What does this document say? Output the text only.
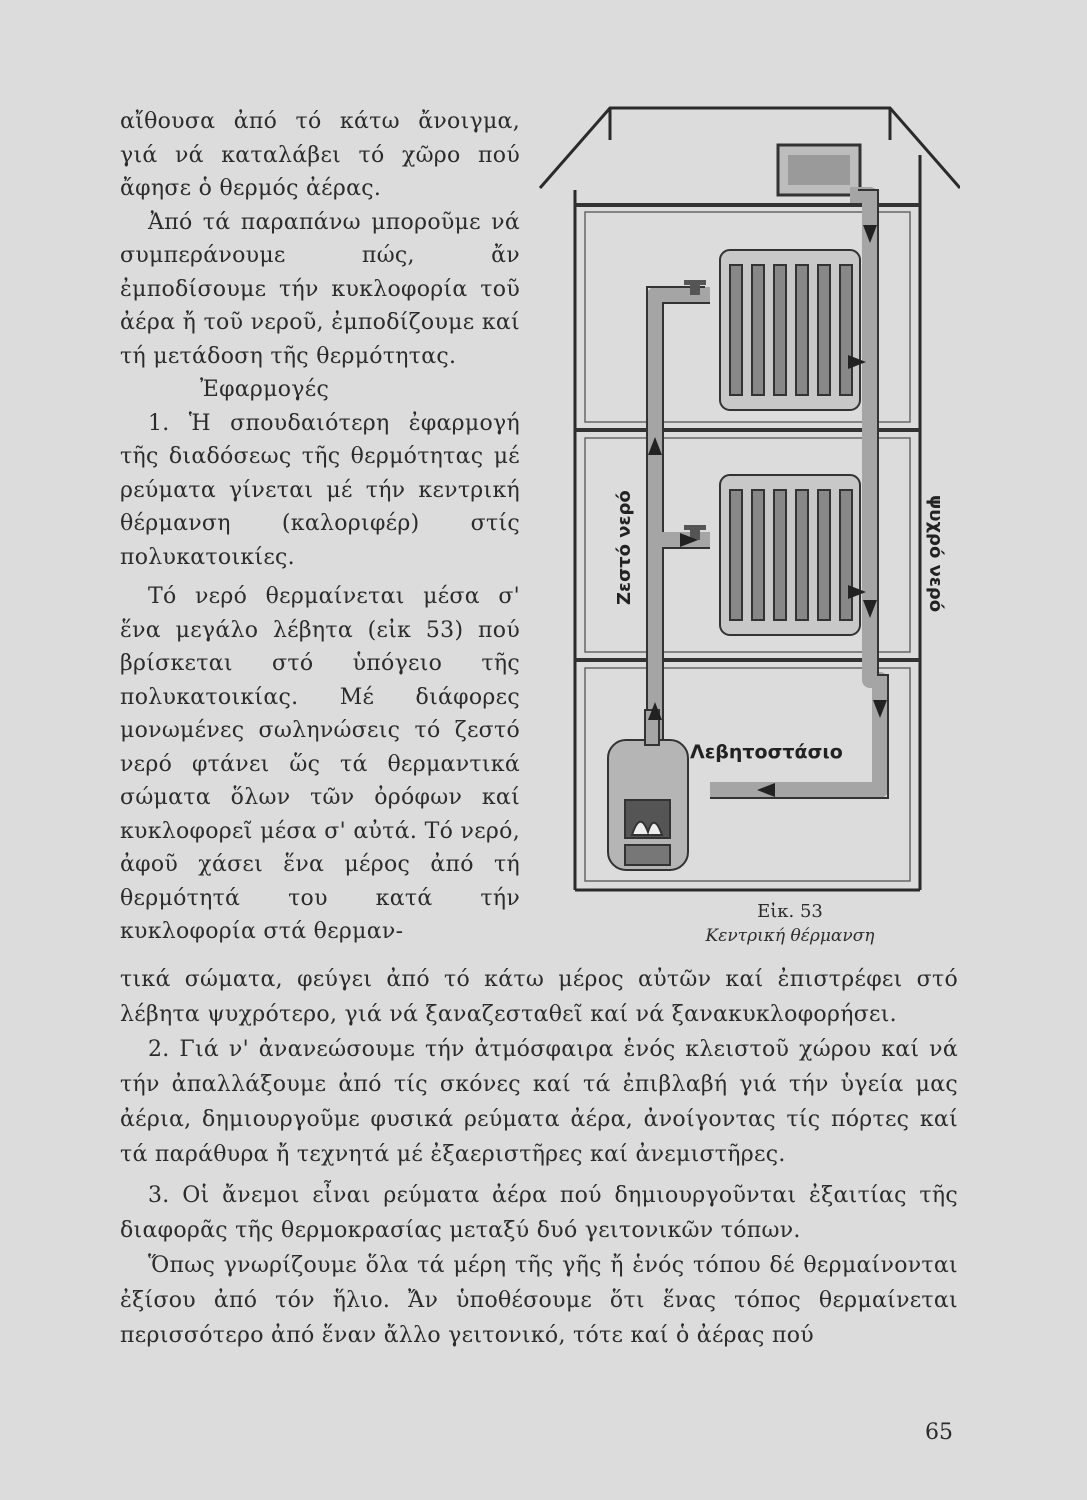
αἴθουσα ἀπό τό κάτω ἄνοιγμα, γιά νά καταλάβει τό χῶρο πού ἄφησε ὁ θερμός ἀέρας.

Ἀπό τά παραπάνω μποροῦμε νά συμπεράνουμε πώς, ἄν ἐμποδίσουμε τήν κυκλοφορία τοῦ ἀέρα ἤ τοῦ νεροῦ, ἐμποδίζουμε καί τή μετάδοση τῆς θερμότητας.

Ἐφαρμογές

1. Ἡ σπουδαιότερη ἐφαρμογή τῆς διαδόσεως τῆς θερμότητας μέ ρεύματα γίνεται μέ τήν κεντρική θέρμανση (καλοριφέρ) στίς πολυκατοικίες.

Τό νερό θερμαίνεται μέσα σ' ἕνα μεγάλο λέβητα (εἰκ 53) πού βρίσκεται στό ὑπόγειο τῆς πολυκατοικίας. Μέ διάφορες μονωμένες σωληνώσεις τό ζεστό νερό φτάνει ὥς τά θερμαντικά σώματα ὅλων τῶν ὀρόφων καί κυκλοφορεῖ μέσα σ' αὐτά. Τό νερό, ἀφοῦ χάσει ἕνα μέρος ἀπό τή θερμότητά του κατά τήν κυκλοφορία στά θερμαν-

Ζεστό νερό	ψυχρό νερό
Λεβητοστάσιο
Εἰκ. 53
Κεντρική θέρμανση

τικά σώματα, φεύγει ἀπό τό κάτω μέρος αὐτῶν καί ἐπιστρέφει στό λέβητα ψυχρότερο, γιά νά ξαναζεσταθεῖ καί νά ξανακυκλοφορήσει.

2. Γιά ν' ἀνανεώσουμε τήν ἀτμόσφαιρα ἑνός κλειστοῦ χώρου καί νά τήν ἀπαλλάξουμε ἀπό τίς σκόνες καί τά ἐπιβλαβή γιά τήν ὑγεία μας ἀέρια, δημιουργοῦμε φυσικά ρεύματα ἀέρα, ἀνοίγοντας τίς πόρτες καί τά παράθυρα ἤ τεχνητά μέ ἐξαεριστῆρες καί ἀνεμιστῆρες.

3. Οἱ ἄνεμοι εἶναι ρεύματα ἀέρα πού δημιουργοῦνται ἐξαιτίας τῆς διαφορᾶς τῆς θερμοκρασίας μεταξύ δυό γειτονικῶν τόπων.

Ὅπως γνωρίζουμε ὅλα τά μέρη τῆς γῆς ἤ ἑνός τόπου δέ θερμαίνονται ἐξίσου ἀπό τόν ἥλιο. Ἄν ὑποθέσουμε ὅτι ἕνας τόπος θερμαίνεται περισσότερο ἀπό ἕναν ἄλλο γειτονικό, τότε καί ὁ ἀέρας πού

65
